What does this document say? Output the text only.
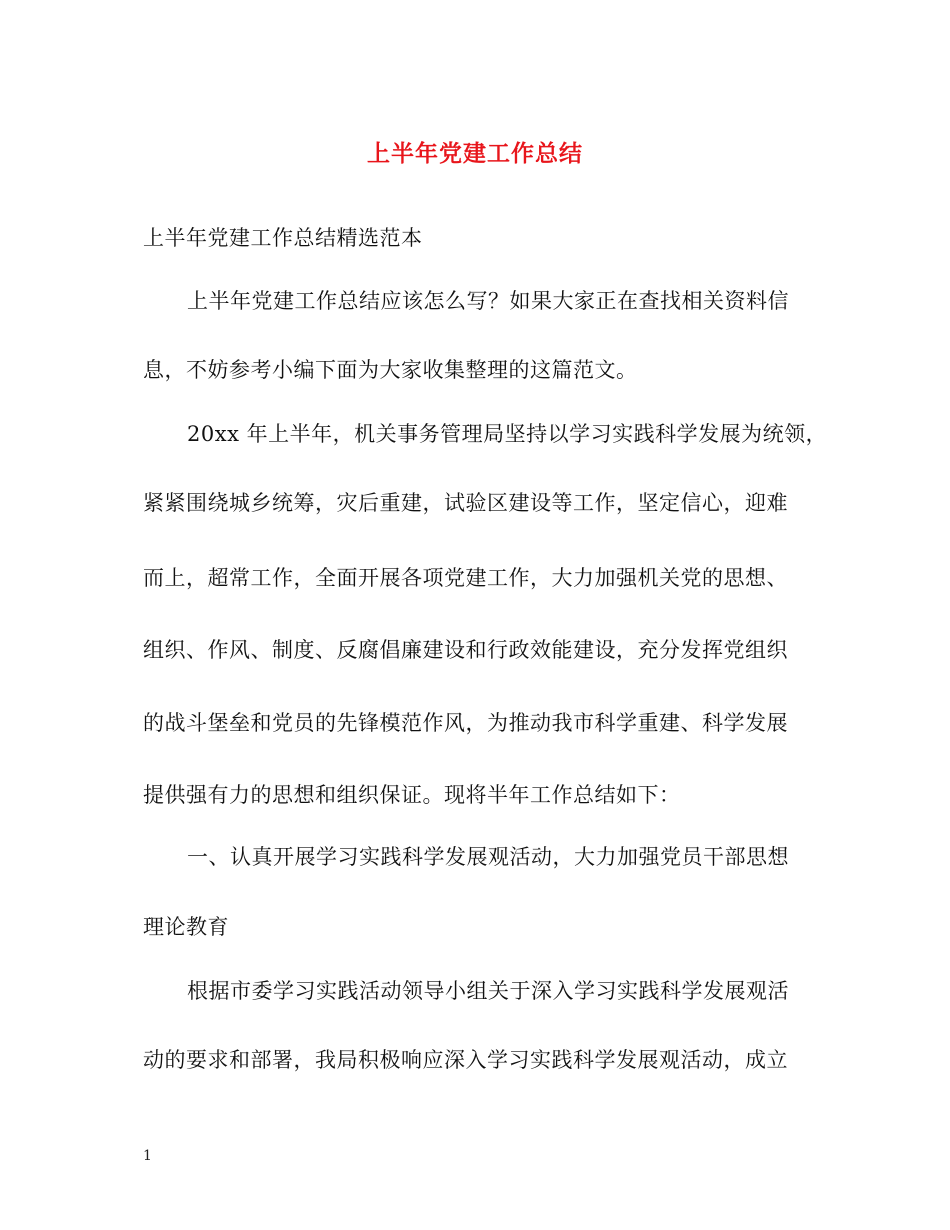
上半年党建工作总结
上半年党建工作总结精选范本
上半年党建工作总结应该怎么写？如果大家正在查找相关资料信
息，不妨参考小编下面为大家收集整理的这篇范文。
20xx 年上半年，机关事务管理局坚持以学习实践科学发展为统领，
紧紧围绕城乡统筹，灾后重建，试验区建设等工作，坚定信心，迎难
而上，超常工作，全面开展各项党建工作，大力加强机关党的思想、
组织、作风、制度、反腐倡廉建设和行政效能建设，充分发挥党组织
的战斗堡垒和党员的先锋模范作风，为推动我市科学重建、科学发展
提供强有力的思想和组织保证。现将半年工作总结如下：
一、认真开展学习实践科学发展观活动，大力加强党员干部思想
理论教育
根据市委学习实践活动领导小组关于深入学习实践科学发展观活
动的要求和部署，我局积极响应深入学习实践科学发展观活动，成立
1
